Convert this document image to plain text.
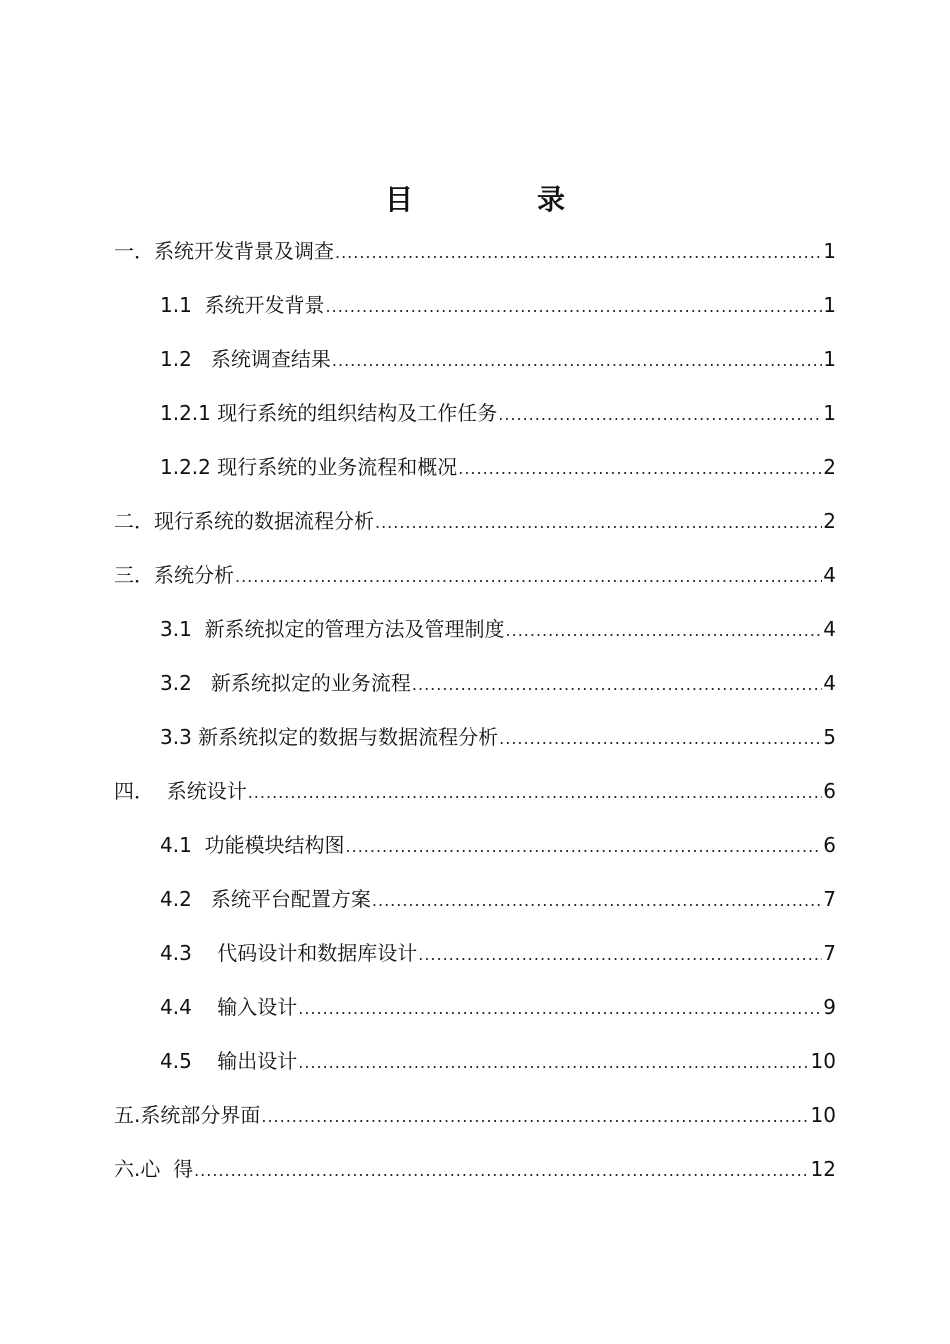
目　录
一．系统开发背景及调查 .....	1
1.1  系统开发背景 .....	1
1.2   系统调查结果 .....	1
1.2.1 现行系统的组织结构及工作任务 .....	1
1.2.2 现行系统的业务流程和概况 .....	2
二．现行系统的数据流程分析 .....	2
三．系统分析 .....	4
3.1  新系统拟定的管理方法及管理制度 .....	4
3.2   新系统拟定的业务流程 .....	4
3.3 新系统拟定的数据与数据流程分析 .....	5
四．  系统设计 .....	6
4.1  功能模块结构图 .....	6
4.2   系统平台配置方案 .....	7
4.3    代码设计和数据库设计 .....	7
4.4    输入设计 .....	9
4.5    输出设计 .....	10
五.系统部分界面 .....	10
六.心  得 .....	12
